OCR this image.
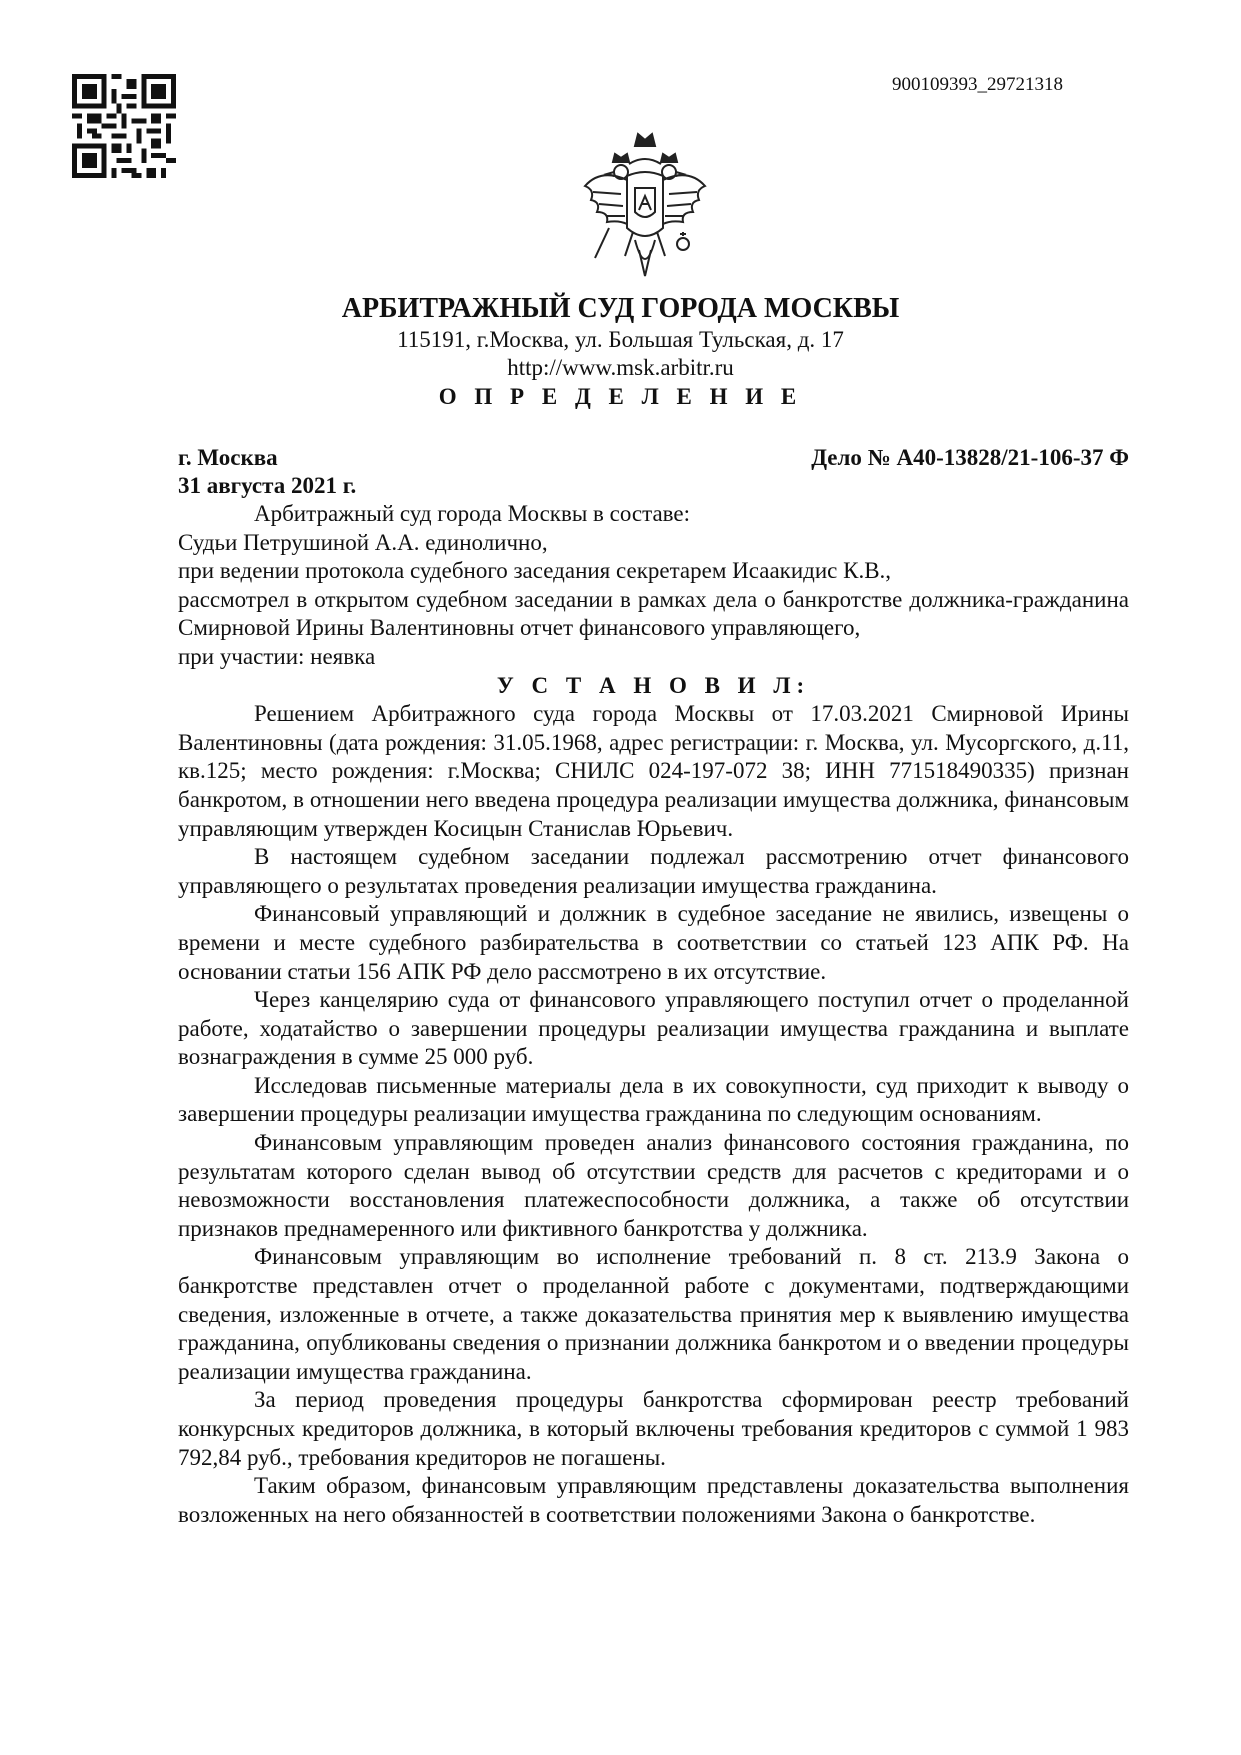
900109393_29721318
АРБИТРАЖНЫЙ СУД ГОРОДА МОСКВЫ
115191, г.Москва, ул. Большая Тульская, д. 17
http://www.msk.arbitr.ru
О П Р Е Д Е Л Е Н И Е
г. Москва	Дело № А40-13828/21-106-37 Ф
31 августа 2021 г.

Арбитражный суд города Москвы в составе:

Судьи Петрушиной А.А. единолично,

при ведении протокола судебного заседания секретарем Исаакидис К.В.,

рассмотрел в открытом судебном заседании в рамках дела о банкротстве должника-гражданина Смирновой Ирины Валентиновны отчет финансового управляющего,

при участии: неявка

У С Т А Н О В И Л:

Решением Арбитражного суда города Москвы от 17.03.2021 Смирновой Ирины Валентиновны (дата рождения: 31.05.1968, адрес регистрации: г. Москва, ул. Мусоргского, д.11, кв.125; место рождения: г.Москва; СНИЛС 024-197-072 38; ИНН 771518490335) признан банкротом, в отношении него введена процедура реализации имущества должника, финансовым управляющим утвержден Косицын Станислав Юрьевич.

В настоящем судебном заседании подлежал рассмотрению отчет финансового управляющего о результатах проведения реализации имущества гражданина.

Финансовый управляющий и должник в судебное заседание не явились, извещены о времени и месте судебного разбирательства в соответствии со статьей 123 АПК РФ. На основании статьи 156 АПК РФ дело рассмотрено в их отсутствие.

Через канцелярию суда от финансового управляющего поступил отчет о проделанной работе, ходатайство о завершении процедуры реализации имущества гражданина и выплате вознаграждения в сумме 25 000 руб.

Исследовав письменные материалы дела в их совокупности, суд приходит к выводу о завершении процедуры реализации имущества гражданина по следующим основаниям.

Финансовым управляющим проведен анализ финансового состояния гражданина, по результатам которого сделан вывод об отсутствии средств для расчетов с кредиторами и о невозможности восстановления платежеспособности должника, а также об отсутствии признаков преднамеренного или фиктивного банкротства у должника.

Финансовым управляющим во исполнение требований п. 8 ст. 213.9 Закона о банкротстве представлен отчет о проделанной работе с документами, подтверждающими сведения, изложенные в отчете, а также доказательства принятия мер к выявлению имущества гражданина, опубликованы сведения о признании должника банкротом и о введении процедуры реализации имущества гражданина.

За период проведения процедуры банкротства сформирован реестр требований конкурсных кредиторов должника, в который включены требования кредиторов с суммой 1 983 792,84 руб., требования кредиторов не погашены.

Таким образом, финансовым управляющим представлены доказательства выполнения возложенных на него обязанностей в соответствии положениями Закона о банкротстве.
